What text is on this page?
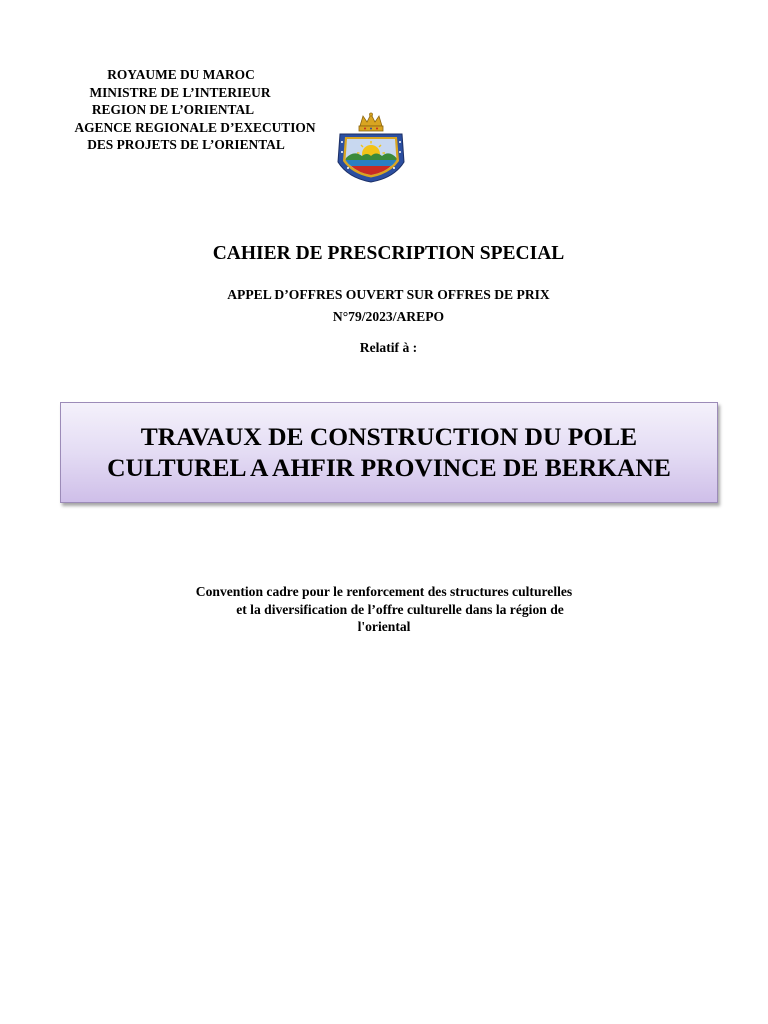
ROYAUME DU MAROC
MINISTRE DE L’INTERIEUR
REGION DE L’ORIENTAL
AGENCE REGIONALE D’EXECUTION
DES PROJETS DE L’ORIENTAL
CAHIER DE PRESCRIPTION SPECIAL
APPEL D’OFFRES OUVERT SUR OFFRES DE PRIX
N°79/2023/AREPO
Relatif à :
TRAVAUX DE CONSTRUCTION DU POLE
CULTUREL A AHFIR PROVINCE DE BERKANE
Convention cadre pour le renforcement des structures culturelles
et la diversification de l’offre culturelle dans la région de
l'oriental
